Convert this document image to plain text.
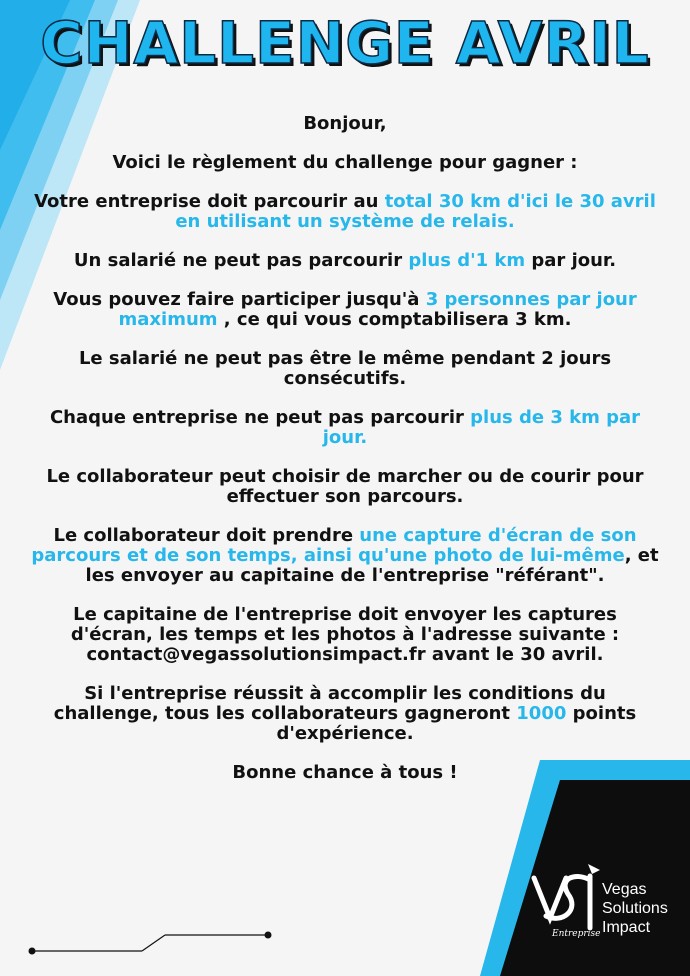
CHALLENGE AVRIL

Bonjour,

Voici le règlement du challenge pour gagner :

Votre entreprise doit parcourir au total 30 km d'ici le 30 avril en utilisant un système de relais.

Un salarié ne peut pas parcourir plus d'1 km par jour.

Vous pouvez faire participer jusqu'à 3 personnes par jour maximum , ce qui vous comptabilisera 3 km.

Le salarié ne peut pas être le même pendant 2 jours consécutifs.

Chaque entreprise ne peut pas parcourir plus de 3 km par jour.

Le collaborateur peut choisir de marcher ou de courir pour effectuer son parcours.

Le collaborateur doit prendre une capture d'écran de son parcours et de son temps, ainsi qu'une photo de lui-même, et les envoyer au capitaine de l'entreprise "référant".

Le capitaine de l'entreprise doit envoyer les captures d'écran, les temps et les photos à l'adresse suivante : contact@vegassolutionsimpact.fr avant le 30 avril.

Si l'entreprise réussit à accomplir les conditions du challenge, tous les collaborateurs gagneront 1000 points d'expérience.

Bonne chance à tous !

Vegas
Solutions
Impact
Entreprise
